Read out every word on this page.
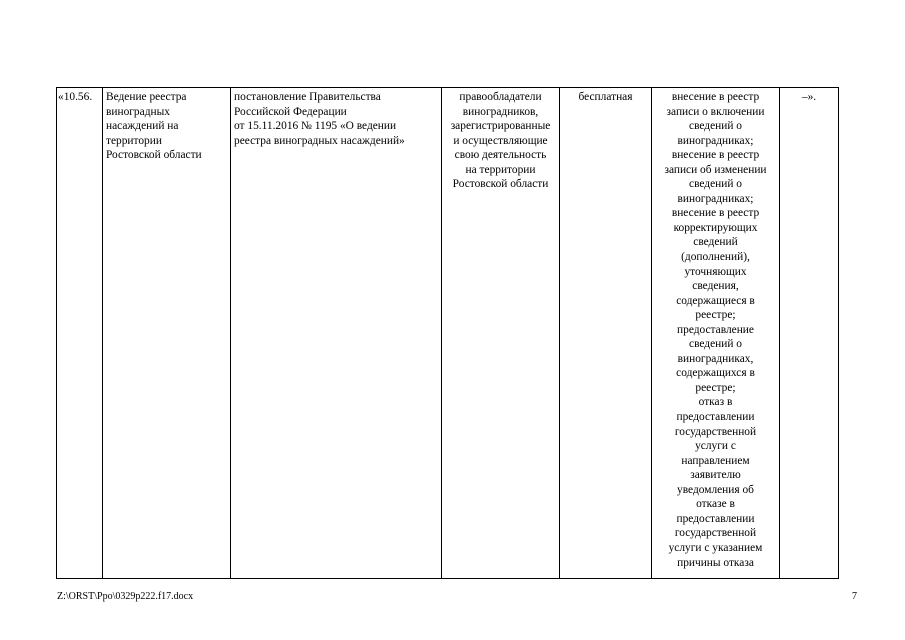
«10.56.	Ведение реестра
виноградных
насаждений на
территории
Ростовской области	постановление Правительства
Российской Федерации
от 15.11.2016 № 1195 «О ведении
реестра виноградных насаждений»	правообладатели
виноградников,
зарегистрированные
и осуществляющие
свою деятельность
на территории
Ростовской области	бесплатная	внесение в реестр
записи о включении
сведений о
виноградниках;
внесение в реестр
записи об изменении
сведений о
виноградниках;
внесение в реестр
корректирующих
сведений
(дополнений),
уточняющих
сведения,
содержащиеся в
реестре;
предоставление
сведений о
виноградниках,
содержащихся в
реестре;
отказ в
предоставлении
государственной
услуги с
направлением
заявителю
уведомления об
отказе в
предоставлении
государственной
услуги с указанием
причины отказа	–».
Z:\ORST\Ppo\0329p222.f17.docx	7
